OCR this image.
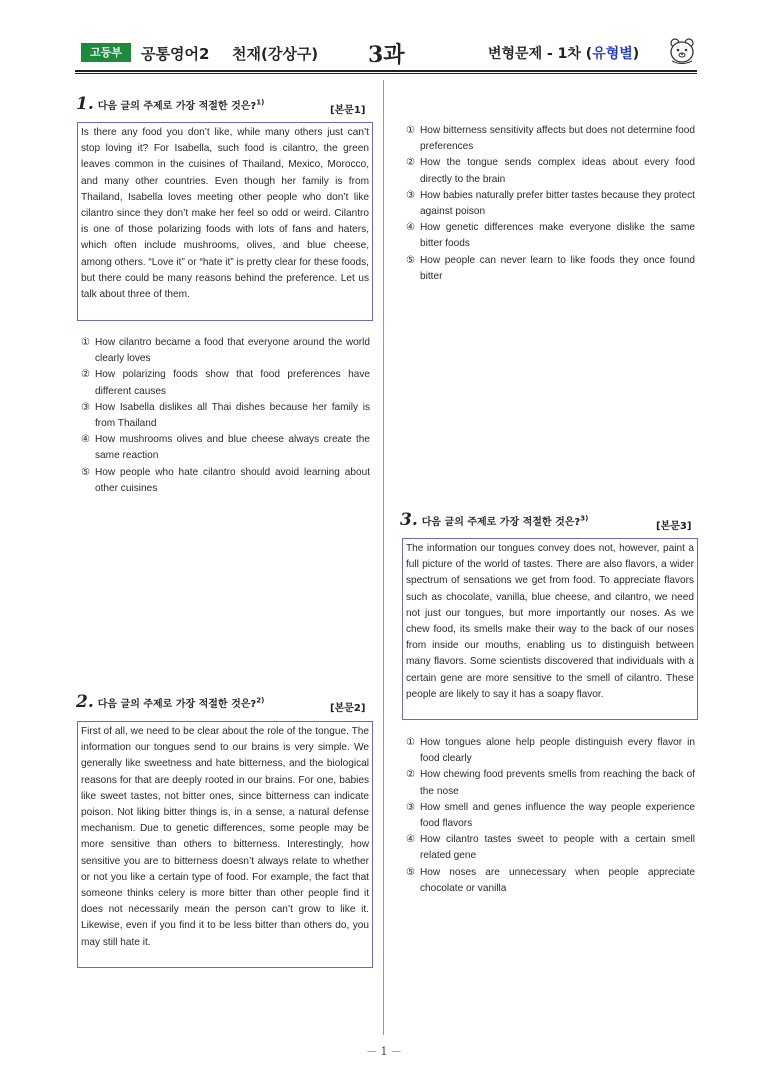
고등부	공통영어2 천재(강상구) 3과	변형문제 - 1차 (유형별)
1. 다음 글의 주제로 가장 적절한 것은?$^{1)}$
[본문1]
Is there any food you don’t like, while many others just can’t stop loving it? For Isabella, such food is cilantro, the green leaves common in the cuisines of Thailand, Mexico, Morocco, and many other countries. Even though her family is from Thailand, Isabella loves meeting other people who don’t like cilantro since they don’t make her feel so odd or weird. Cilantro is one of those polarizing foods with lots of fans and haters, which often include mushrooms, olives, and blue cheese, among others. “Love it” or “hate it” is pretty clear for these foods, but there could be many reasons behind the preference. Let us talk about three of them.
① How cilantro became a food that everyone around the world clearly loves
② How polarizing foods show that food preferences have different causes
③ How Isabella dislikes all Thai dishes because her family is from Thailand
④ How mushrooms olives and blue cheese always create the same reaction
⑤ How people who hate cilantro should avoid learning about other cuisines
2. 다음 글의 주제로 가장 적절한 것은?$^{2)}$
[본문2]
First of all, we need to be clear about the role of the tongue. The information our tongues send to our brains is very simple. We generally like sweetness and hate bitterness, and the biological reasons for that are deeply rooted in our brains. For one, babies like sweet tastes, not bitter ones, since bitterness can indicate poison. Not liking bitter things is, in a sense, a natural defense mechanism. Due to genetic differences, some people may be more sensitive than others to bitterness. Interestingly, how sensitive you are to bitterness doesn’t always relate to whether or not you like a certain type of food. For example, the fact that someone thinks celery is more bitter than other people find it does not necessarily mean the person can’t grow to like it. Likewise, even if you find it to be less bitter than others do, you may still hate it.
① How bitterness sensitivity affects but does not determine food preferences
② How the tongue sends complex ideas about every food directly to the brain
③ How babies naturally prefer bitter tastes because they protect against poison
④ How genetic differences make everyone dislike the same bitter foods
⑤ How people can never learn to like foods they once found bitter
3. 다음 글의 주제로 가장 적절한 것은?$^{3)}$
[본문3]
The information our tongues convey does not, however, paint a full picture of the world of tastes. There are also flavors, a wider spectrum of sensations we get from food. To appreciate flavors such as chocolate, vanilla, blue cheese, and cilantro, we need not just our tongues, but more importantly our noses. As we chew food, its smells make their way to the back of our noses from inside our mouths, enabling us to distinguish between many flavors. Some scientists discovered that individuals with a certain gene are more sensitive to the smell of cilantro. These people are likely to say it has a soapy flavor.
① How tongues alone help people distinguish every flavor in food clearly
② How chewing food prevents smells from reaching the back of the nose
③ How smell and genes influence the way people experience food flavors
④ How cilantro tastes sweet to people with a certain smell related gene
⑤ How noses are unnecessary when people appreciate chocolate or vanilla
－ 1 －
